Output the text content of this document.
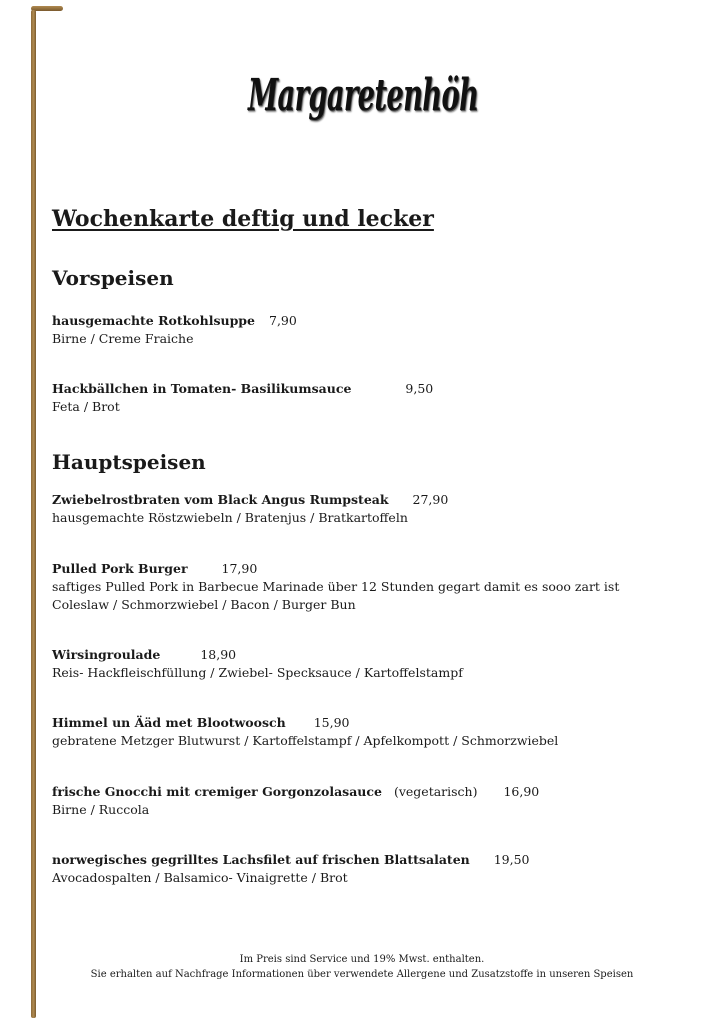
Margaretenhöh
Wochenkarte deftig und lecker
Vorspeisen
hausgemachte Rotkohlsuppe 7,90
Birne / Creme Fraiche
Hackbällchen in Tomaten- Basilikumsauce	9,50
Feta / Brot
Hauptspeisen
Zwiebelrostbraten vom Black Angus Rumpsteak 27,90
hausgemachte Röstzwiebeln / Bratenjus / Bratkartoffeln
Pulled Pork Burger	17,90
saftiges Pulled Pork in Barbecue Marinade über 12 Stunden gegart damit es sooo zart ist
Coleslaw / Schmorzwiebel / Bacon / Burger Bun
Wirsingroulade	18,90
Reis- Hackfleischfüllung / Zwiebel- Specksauce / Kartoffelstampf
Himmel un Ääd met Blootwoosch 15,90
gebratene Metzger Blutwurst / Kartoffelstampf / Apfelkompott / Schmorzwiebel
frische Gnocchi mit cremiger Gorgonzolasauce (vegetarisch) 16,90
Birne / Ruccola
norwegisches gegrilltes Lachsfilet auf frischen Blattsalaten 19,50
Avocadospalten / Balsamico- Vinaigrette / Brot
Im Preis sind Service und 19% Mwst. enthalten.
Sie erhalten auf Nachfrage Informationen über verwendete Allergene und Zusatzstoffe in unseren Speisen
